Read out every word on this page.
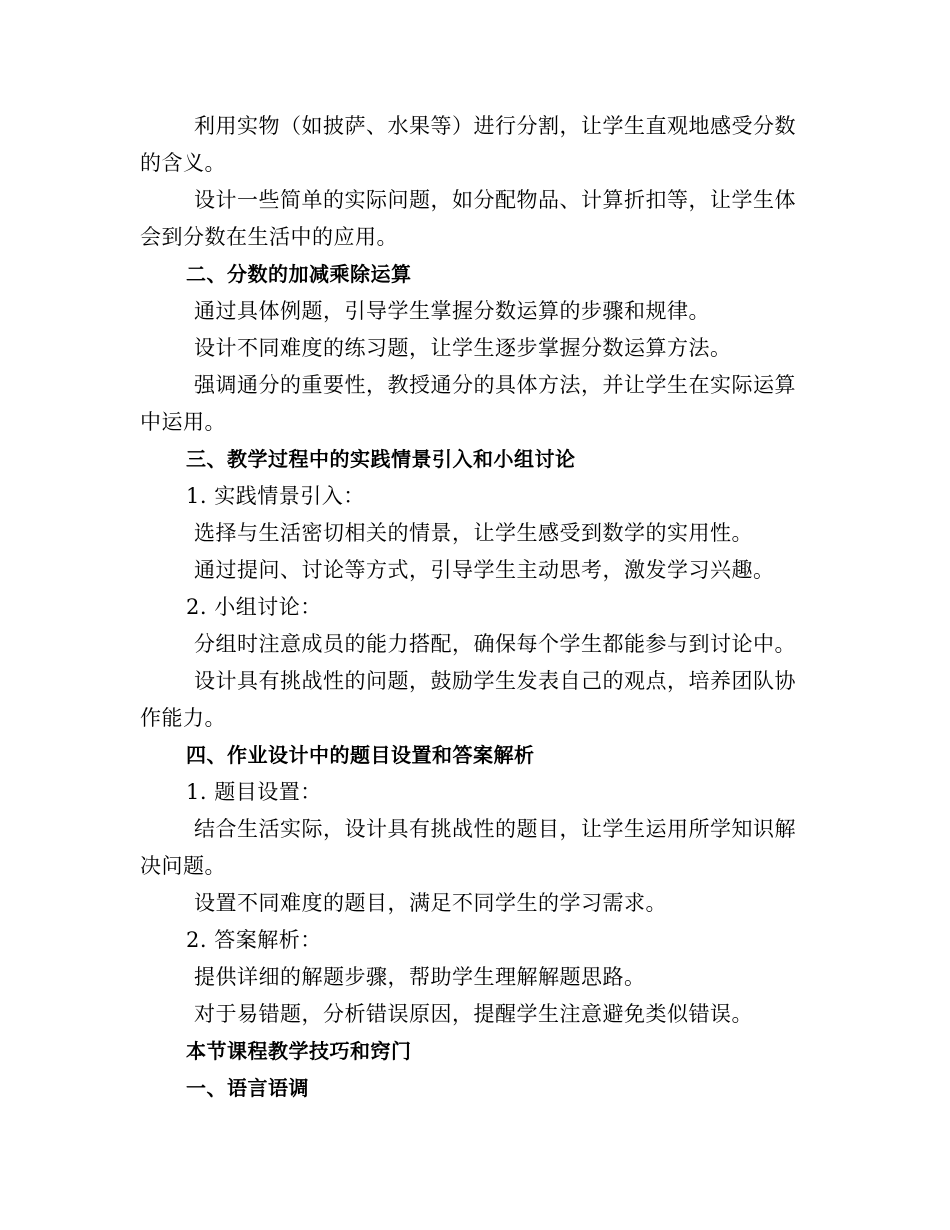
利用实物（如披萨、水果等）进行分割，让学生直观地感受分数
的含义。
设计一些简单的实际问题，如分配物品、计算折扣等，让学生体
会到分数在生活中的应用。
二、分数的加减乘除运算
通过具体例题，引导学生掌握分数运算的步骤和规律。
设计不同难度的练习题，让学生逐步掌握分数运算方法。
强调通分的重要性，教授通分的具体方法，并让学生在实际运算
中运用。
三、教学过程中的实践情景引入和小组讨论
1. 实践情景引入：
选择与生活密切相关的情景，让学生感受到数学的实用性。
通过提问、讨论等方式，引导学生主动思考，激发学习兴趣。
2. 小组讨论：
分组时注意成员的能力搭配，确保每个学生都能参与到讨论中。
设计具有挑战性的问题，鼓励学生发表自己的观点，培养团队协
作能力。
四、作业设计中的题目设置和答案解析
1. 题目设置：
结合生活实际，设计具有挑战性的题目，让学生运用所学知识解
决问题。
设置不同难度的题目，满足不同学生的学习需求。
2. 答案解析：
提供详细的解题步骤，帮助学生理解解题思路。
对于易错题，分析错误原因，提醒学生注意避免类似错误。
本节课程教学技巧和窍门
一、语言语调
